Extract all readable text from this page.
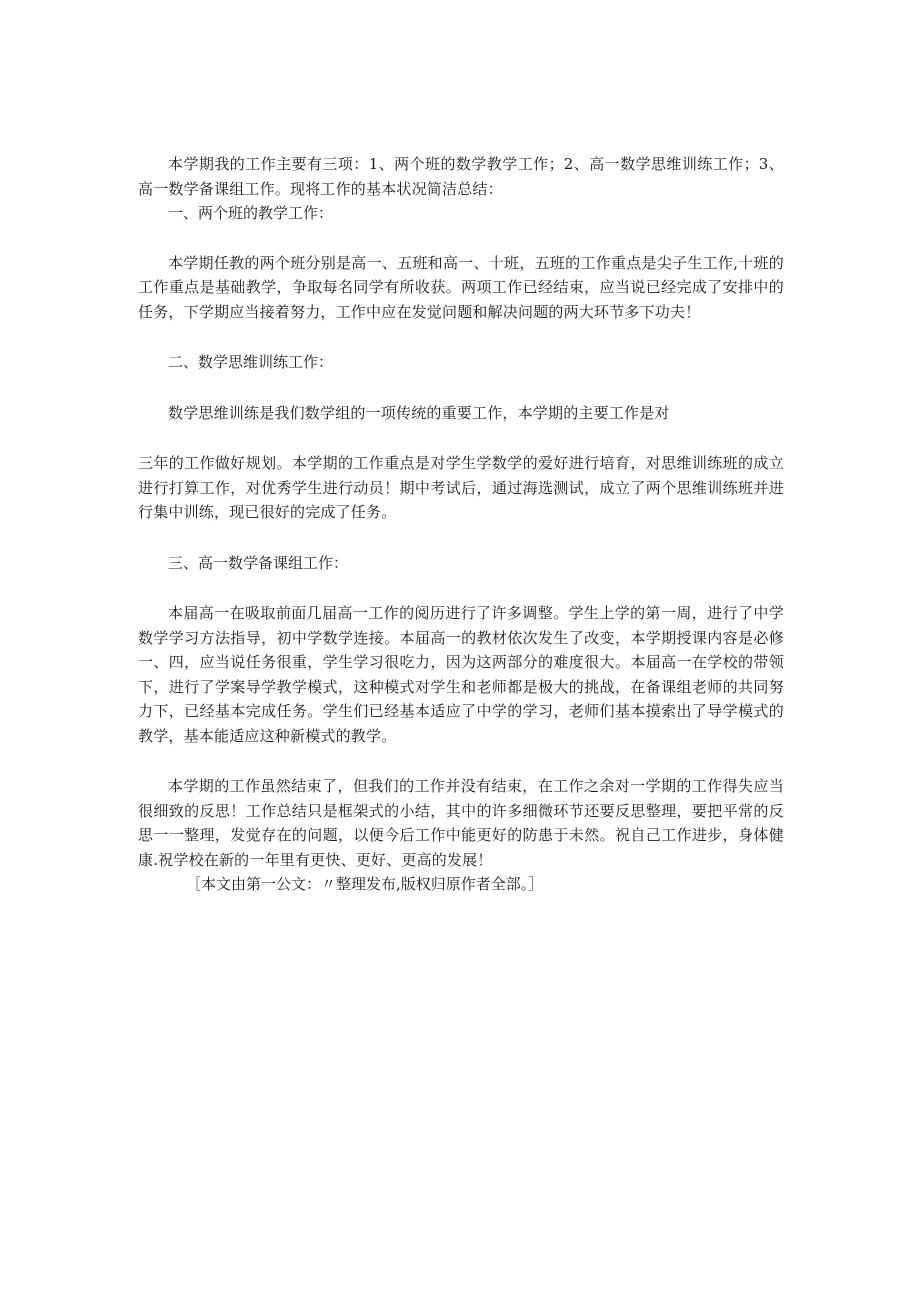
本学期我的工作主要有三项：1、两个班的数学教学工作；2、高一数学思维训练工作；3、高一数学备课组工作。现将工作的基本状况简洁总结：

一、两个班的教学工作：

本学期任教的两个班分别是高一、五班和高一、十班，五班的工作重点是尖子生工作,十班的工作重点是基础教学，争取每名同学有所收获。两项工作已经结束，应当说已经完成了安排中的任务，下学期应当接着努力，工作中应在发觉问题和解决问题的两大环节多下功夫！

二、数学思维训练工作：

数学思维训练是我们数学组的一项传统的重要工作，本学期的主要工作是对

三年的工作做好规划。本学期的工作重点是对学生学数学的爱好进行培育，对思维训练班的成立进行打算工作，对优秀学生进行动员！期中考试后，通过海选测试，成立了两个思维训练班并进行集中训练，现已很好的完成了任务。

三、高一数学备课组工作：

本届高一在吸取前面几届高一工作的阅历进行了许多调整。学生上学的第一周，进行了中学数学学习方法指导，初中学数学连接。本届高一的教材依次发生了改变，本学期授课内容是必修一、四，应当说任务很重，学生学习很吃力，因为这两部分的难度很大。本届高一在学校的带领下，进行了学案导学教学模式，这种模式对学生和老师都是极大的挑战，在备课组老师的共同努力下，已经基本完成任务。学生们已经基本适应了中学的学习，老师们基本摸索出了导学模式的教学，基本能适应这种新模式的教学。

本学期的工作虽然结束了，但我们的工作并没有结束，在工作之余对一学期的工作得失应当很细致的反思！工作总结只是框架式的小结，其中的许多细微环节还要反思整理，要把平常的反思一一整理，发觉存在的问题，以便今后工作中能更好的防患于未然。祝自己工作进步，身体健康.祝学校在新的一年里有更快、更好、更高的发展！

［本文由第一公文：〃整理发布,版权归原作者全部。］
